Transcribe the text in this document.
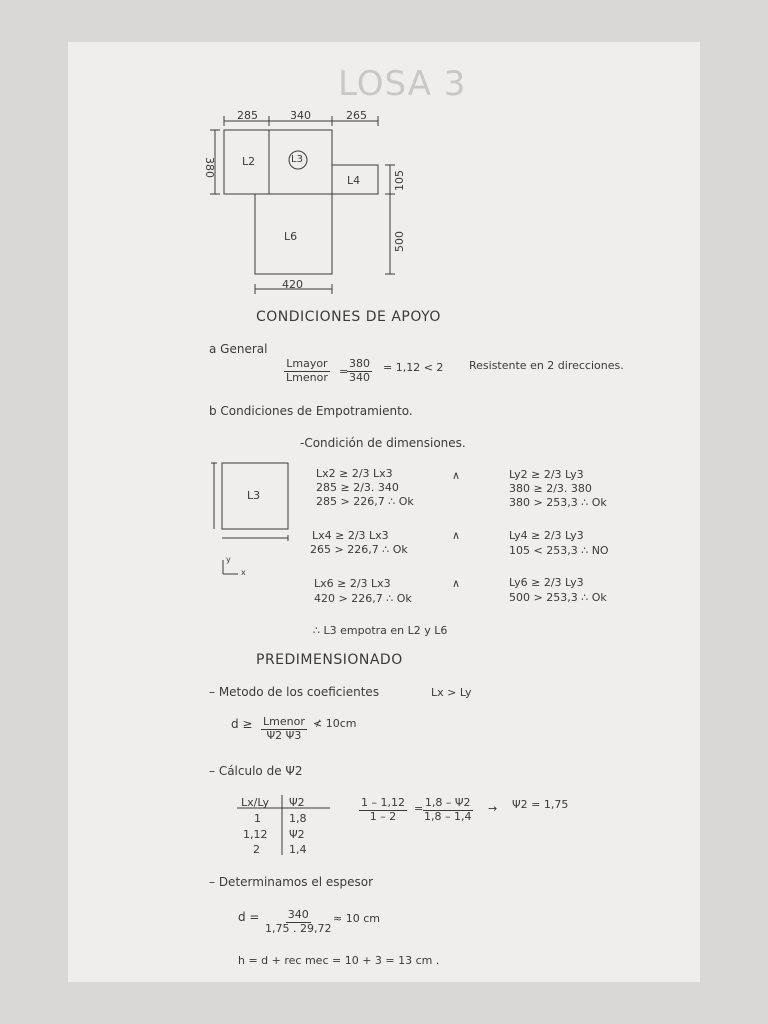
LOSA 3
285	340	265
380
105
500
420
L2	L3
L4
L6
CONDICIONES DE APOYO
a General
Lmayor
Lmenor =
$\frac{380}{340} = 1,12 < 2$ Resistente en 2 direcciones.
b Condiciones de Empotramiento.
-Condición de dimensiones.
L3
y
x
Lx2 ≥ 2/3 Lx3
285 ≥ 2/3. 340
285 > 226,7 ∴ Ok
∧	Ly2 ≥ 2/3 Ly3
380 ≥ 2/3. 380
380 > 253,3 ∴ Ok
Lx4 ≥ 2/3 Lx3
265 > 226,7 ∴ Ok
∧	Ly4 ≥ 2/3 Ly3
105 < 253,3 ∴ NO
Lx6 ≥ 2/3 Lx3
420 > 226,7 ∴ Ok
∧	Ly6 ≥ 2/3 Ly3
500 > 253,3 ∴ Ok
∴ L3 empotra en L2 y L6
PREDIMENSIONADO
– Metodo de los coeficientes	Lx > Ly
d ≥ Lmenor
Ψ2 Ψ3
≮ 10cm
– Cálculo de Ψ2
Lx/Ly Ψ2
1	1,8
1,12 Ψ2
2	1,4
$\frac{1 - 1,12}{1 - 2}$ =
$\frac{1,8 - \Psi 2}{1,8 - 1,4} \to \Psi 2 = 1,75$
– Determinamos el espesor
$d = \frac{340}{1,75 . 29,72} \approx 10$ cm
h = d + rec mec = 10 + 3 = 13 cm .
